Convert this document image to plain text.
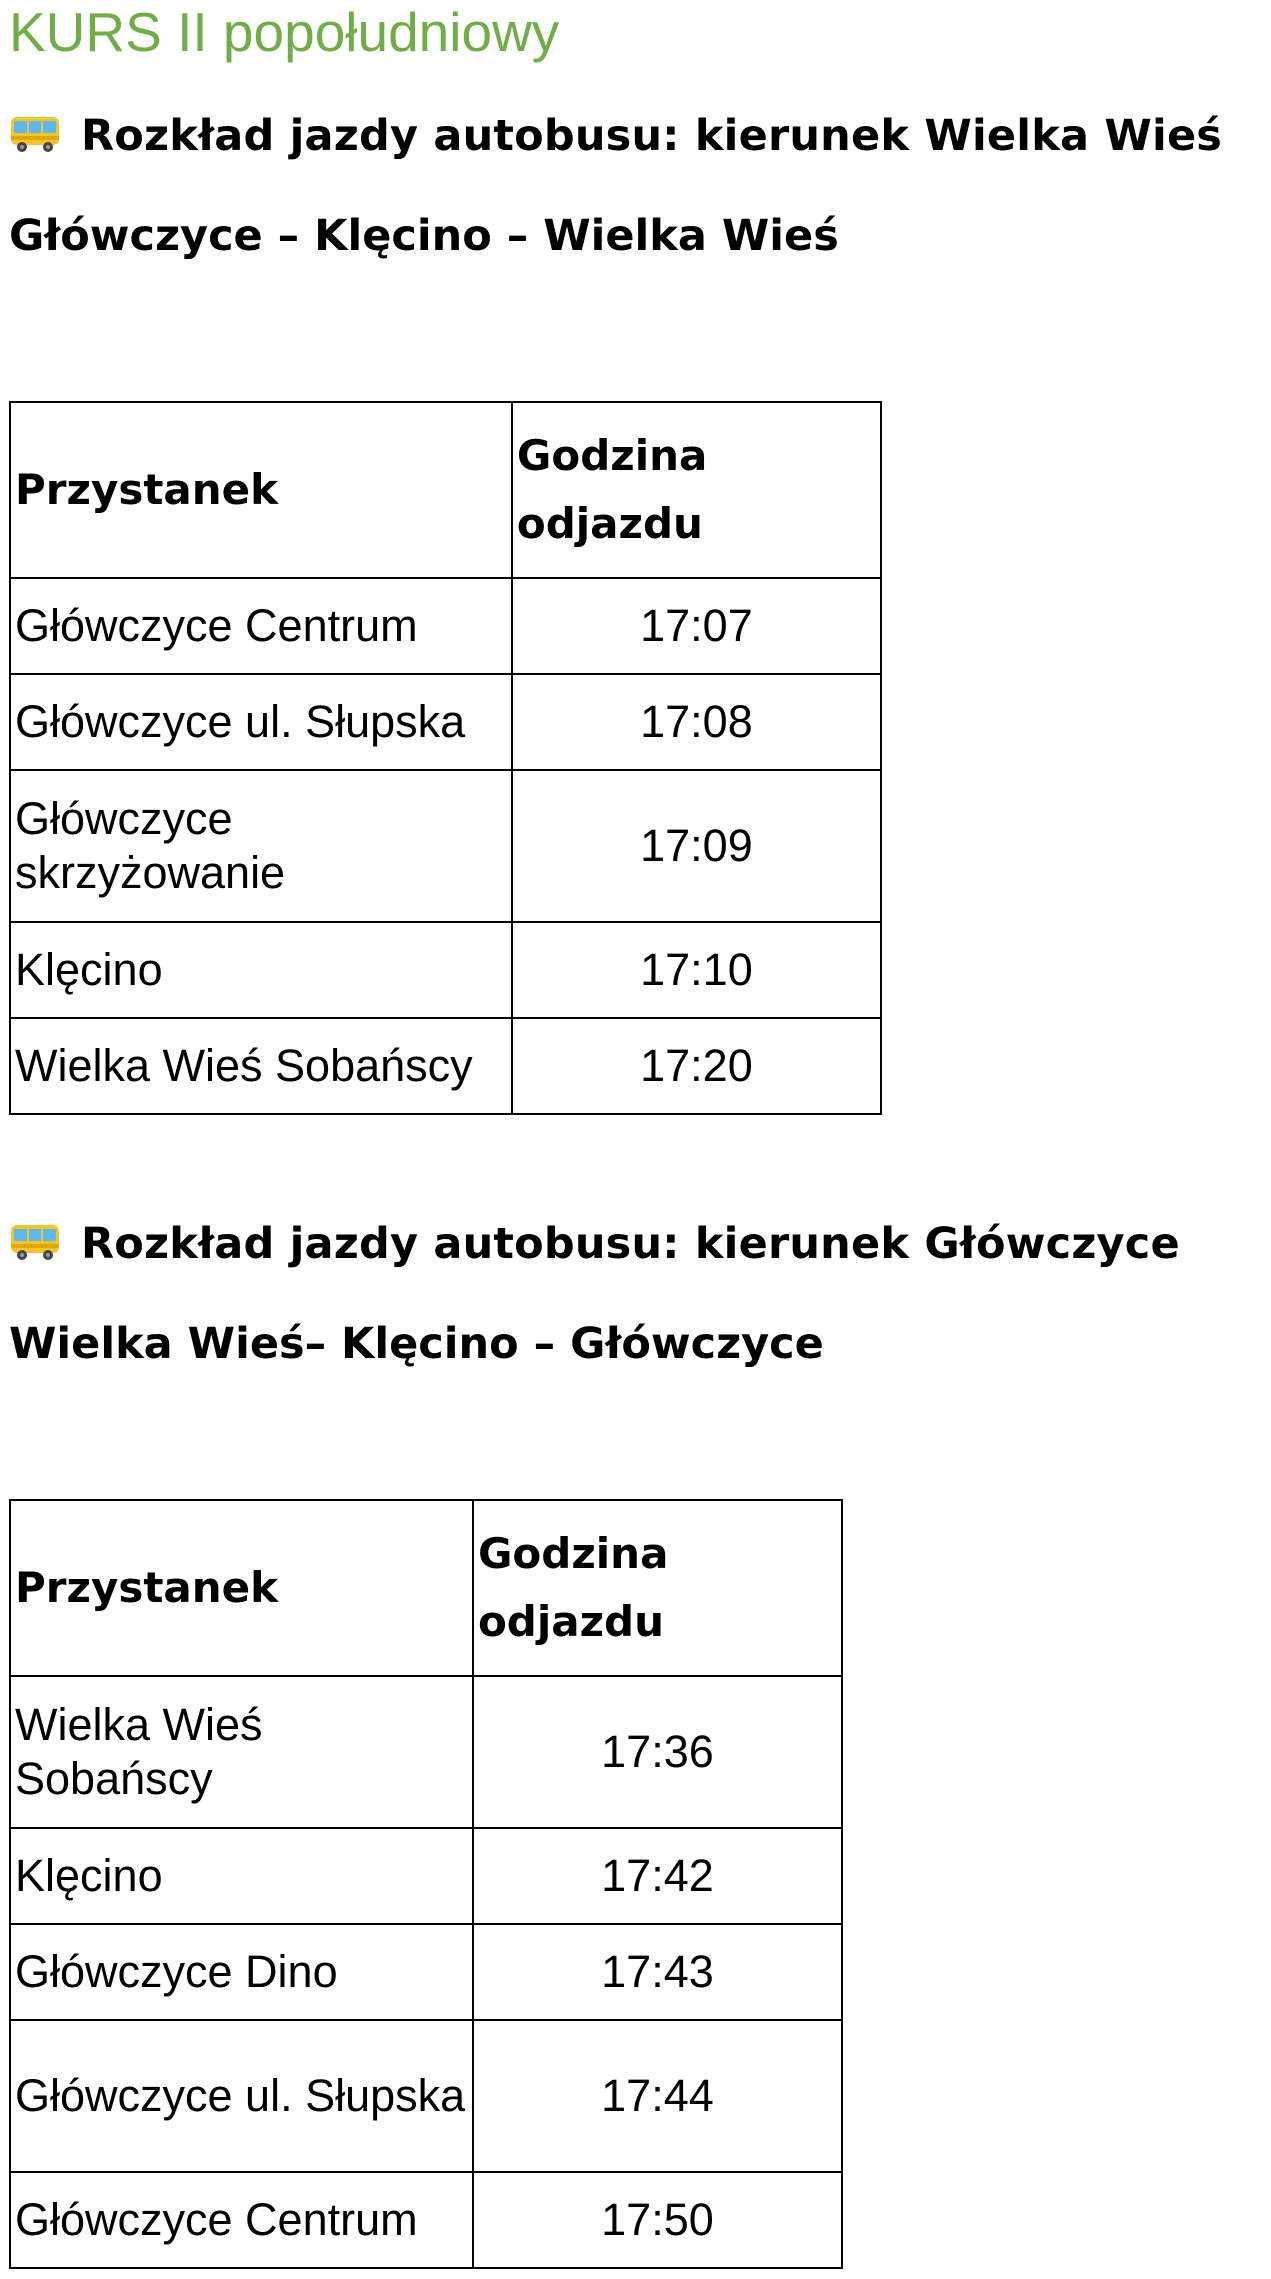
KURS II popołudniowy
Rozkład jazdy autobusu: kierunek Wielka Wieś
Główczyce – Klęcino – Wielka Wieś
Przystanek	Godzina odjazdu
Główczyce Centrum	17:07
Główczyce ul. Słupska	17:08
Główczyce skrzyżowanie	17:09
Klęcino	17:10
Wielka Wieś Sobańscy	17:20
Rozkład jazdy autobusu: kierunek Główczyce
Wielka Wieś– Klęcino – Główczyce
Przystanek	Godzina odjazdu
Wielka Wieś Sobańscy	17:36
Klęcino	17:42
Główczyce Dino	17:43
Główczyce ul. Słupska	17:44
Główczyce Centrum	17:50
